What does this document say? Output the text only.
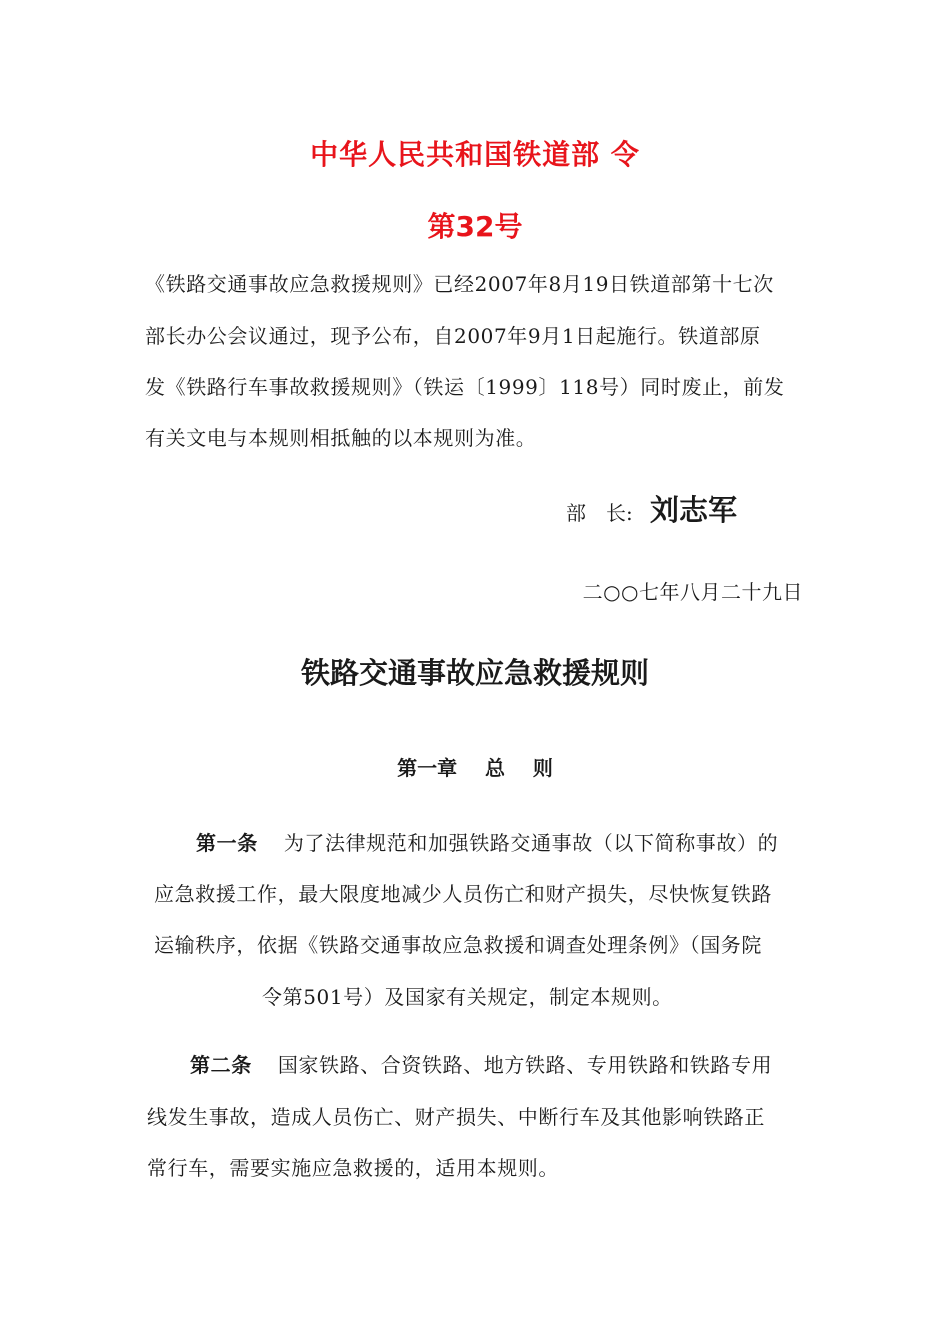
中华人民共和国铁道部 令
第32号

《铁路交通事故应急救援规则》已经2007年8月19日铁道部第十七次

部长办公会议通过，现予公布，自2007年9月1日起施行。铁道部原

发《铁路行车事故救援规则》（铁运〔1999〕118号）同时废止，前发

有关文电与本规则相抵触的以本规则为准。

部　长: 刘志军

二○○七年八月二十九日

铁路交通事故应急救援规则
第一章    总    则

第一条 为了法律规范和加强铁路交通事故（以下简称事故）的

应急救援工作，最大限度地减少人员伤亡和财产损失，尽快恢复铁路

运输秩序，依据《铁路交通事故应急救援和调查处理条例》（国务院

令第501号）及国家有关规定，制定本规则。

第二条 国家铁路、合资铁路、地方铁路、专用铁路和铁路专用

线发生事故，造成人员伤亡、财产损失、中断行车及其他影响铁路正

常行车，需要实施应急救援的，适用本规则。
